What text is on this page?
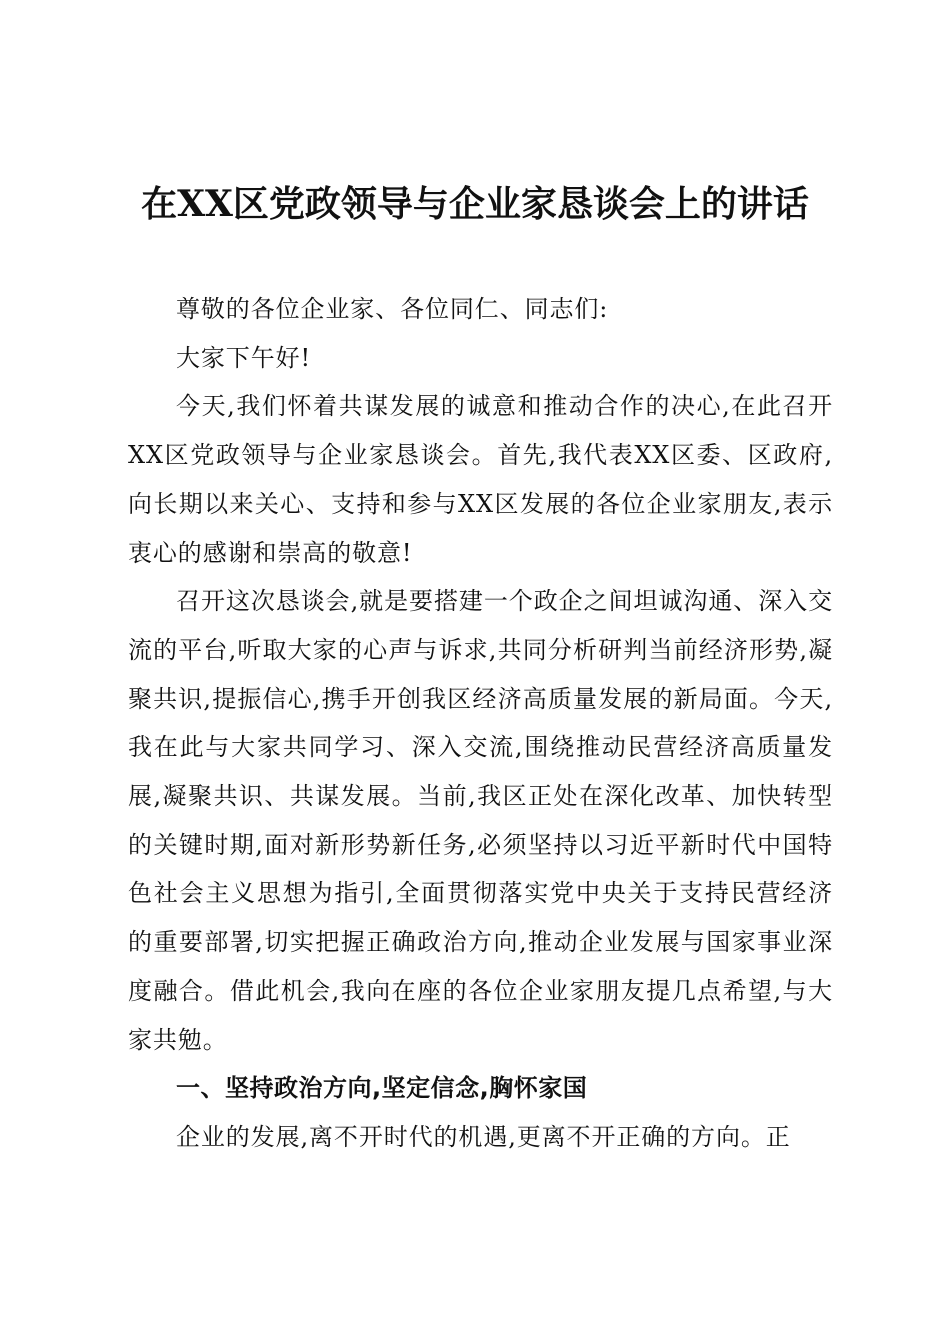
在XX区党政领导与企业家恳谈会上的讲话

尊敬的各位企业家、各位同仁、同志们:

大家下午好!

今天,我们怀着共谋发展的诚意和推动合作的决心,在此召开XX区党政领导与企业家恳谈会。首先,我代表XX区委、区政府,向长期以来关心、支持和参与XX区发展的各位企业家朋友,表示衷心的感谢和崇高的敬意!

召开这次恳谈会,就是要搭建一个政企之间坦诚沟通、深入交流的平台,听取大家的心声与诉求,共同分析研判当前经济形势,凝聚共识,提振信心,携手开创我区经济高质量发展的新局面。今天,我在此与大家共同学习、深入交流,围绕推动民营经济高质量发展,凝聚共识、共谋发展。当前,我区正处在深化改革、加快转型的关键时期,面对新形势新任务,必须坚持以习近平新时代中国特色社会主义思想为指引,全面贯彻落实党中央关于支持民营经济的重要部署,切实把握正确政治方向,推动企业发展与国家事业深度融合。借此机会,我向在座的各位企业家朋友提几点希望,与大家共勉。

一、坚持政治方向,坚定信念,胸怀家国

企业的发展,离不开时代的机遇,更离不开正确的方向。正
